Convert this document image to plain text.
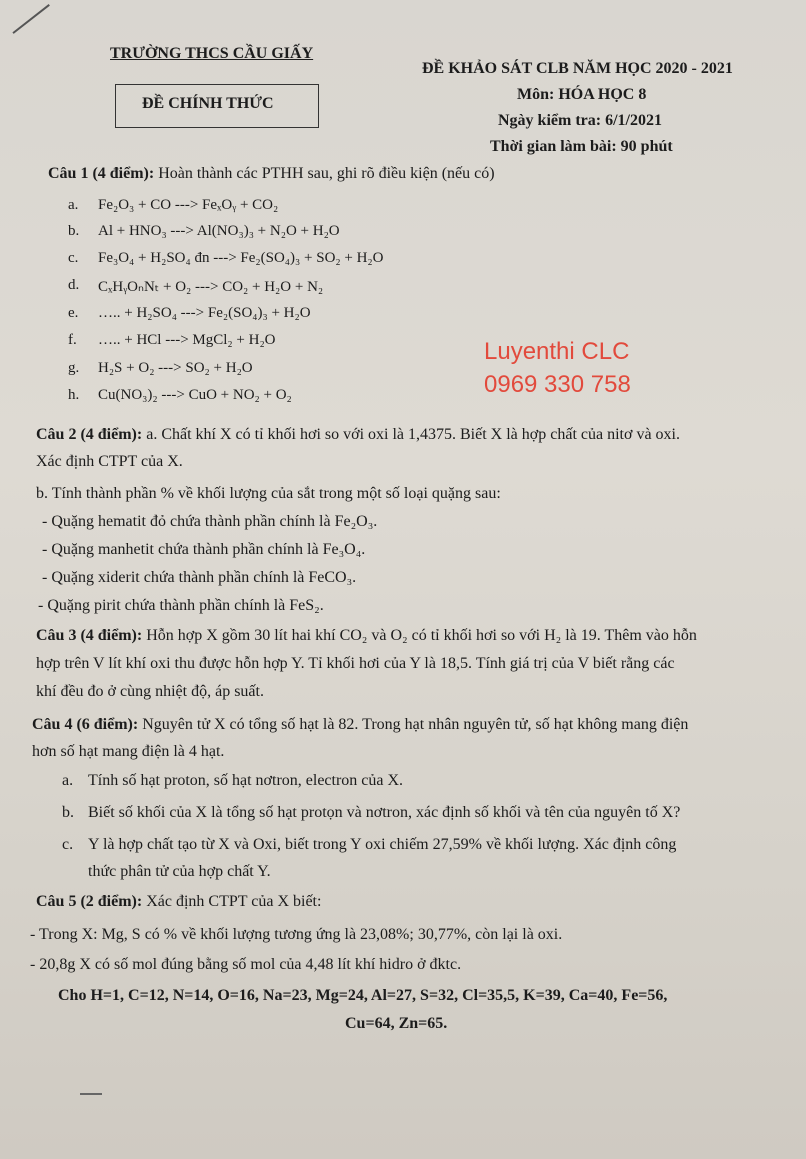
TRƯỜNG THCS CẦU GIẤY
ĐỀ CHÍNH THỨC
ĐỀ KHẢO SÁT CLB NĂM HỌC 2020 - 2021
Môn: HÓA HỌC 8
Ngày kiểm tra: 6/1/2021
Thời gian làm bài: 90 phút
Câu 1 (4 điểm): Hoàn thành các PTHH sau, ghi rõ điều kiện (nếu có)
a. Fe₂O₃ + CO ---> FeₓOᵧ + CO₂
b. Al + HNO₃ ---> Al(NO₃)₃ + N₂O + H₂O
c. Fe₃O₄ + H₂SO₄ đn ---> Fe₂(SO₄)₃ + SO₂ + H₂O
d. CₓHᵧOₙNₜ + O₂ ---> CO₂ + H₂O + N₂
e. ….. + H₂SO₄ ---> Fe₂(SO₄)₃ + H₂O
f. ….. + HCl ---> MgCl₂ + H₂O
g. H₂S + O₂ ---> SO₂ + H₂O
h. Cu(NO₃)₂ ---> CuO + NO₂ + O₂
Luyenthi CLC
0969 330 758
Câu 2 (4 điểm): a. Chất khí X có tỉ khối hơi so với oxi là 1,4375. Biết X là hợp chất của nitơ và oxi.
Xác định CTPT của X.
b. Tính thành phần % về khối lượng của sắt trong một số loại quặng sau:
- Quặng hematit đỏ chứa thành phần chính là Fe₂O₃.
- Quặng manhetit chứa thành phần chính là Fe₃O₄.
- Quặng xiderit chứa thành phần chính là FeCO₃.
- Quặng pirit chứa thành phần chính là FeS₂.
Câu 3 (4 điểm): Hỗn hợp X gồm 30 lít hai khí CO₂ và O₂ có tỉ khối hơi so với H₂ là 19. Thêm vào hỗn
hợp trên V lít khí oxi thu được hỗn hợp Y. Tỉ khối hơi của Y là 18,5. Tính giá trị của V biết rằng các
khí đều đo ở cùng nhiệt độ, áp suất.
Câu 4 (6 điểm): Nguyên tử X có tổng số hạt là 82. Trong hạt nhân nguyên tử, số hạt không mang điện
hơn số hạt mang điện là 4 hạt.
a. Tính số hạt proton, số hạt nơtron, electron của X.
b. Biết số khối của X là tổng số hạt protọn và nơtron, xác định số khối và tên của nguyên tố X?
c. Y là hợp chất tạo từ X và Oxi, biết trong Y oxi chiếm 27,59% về khối lượng. Xác định công
thức phân tử của hợp chất Y.
Câu 5 (2 điểm): Xác định CTPT của X biết:
- Trong X: Mg, S có % về khối lượng tương ứng là 23,08%; 30,77%, còn lại là oxi.
- 20,8g X có số mol đúng bằng số mol của 4,48 lít khí hidro ở đktc.
Cho H=1, C=12, N=14, O=16, Na=23, Mg=24, Al=27, S=32, Cl=35,5, K=39, Ca=40, Fe=56,
Cu=64, Zn=65.
